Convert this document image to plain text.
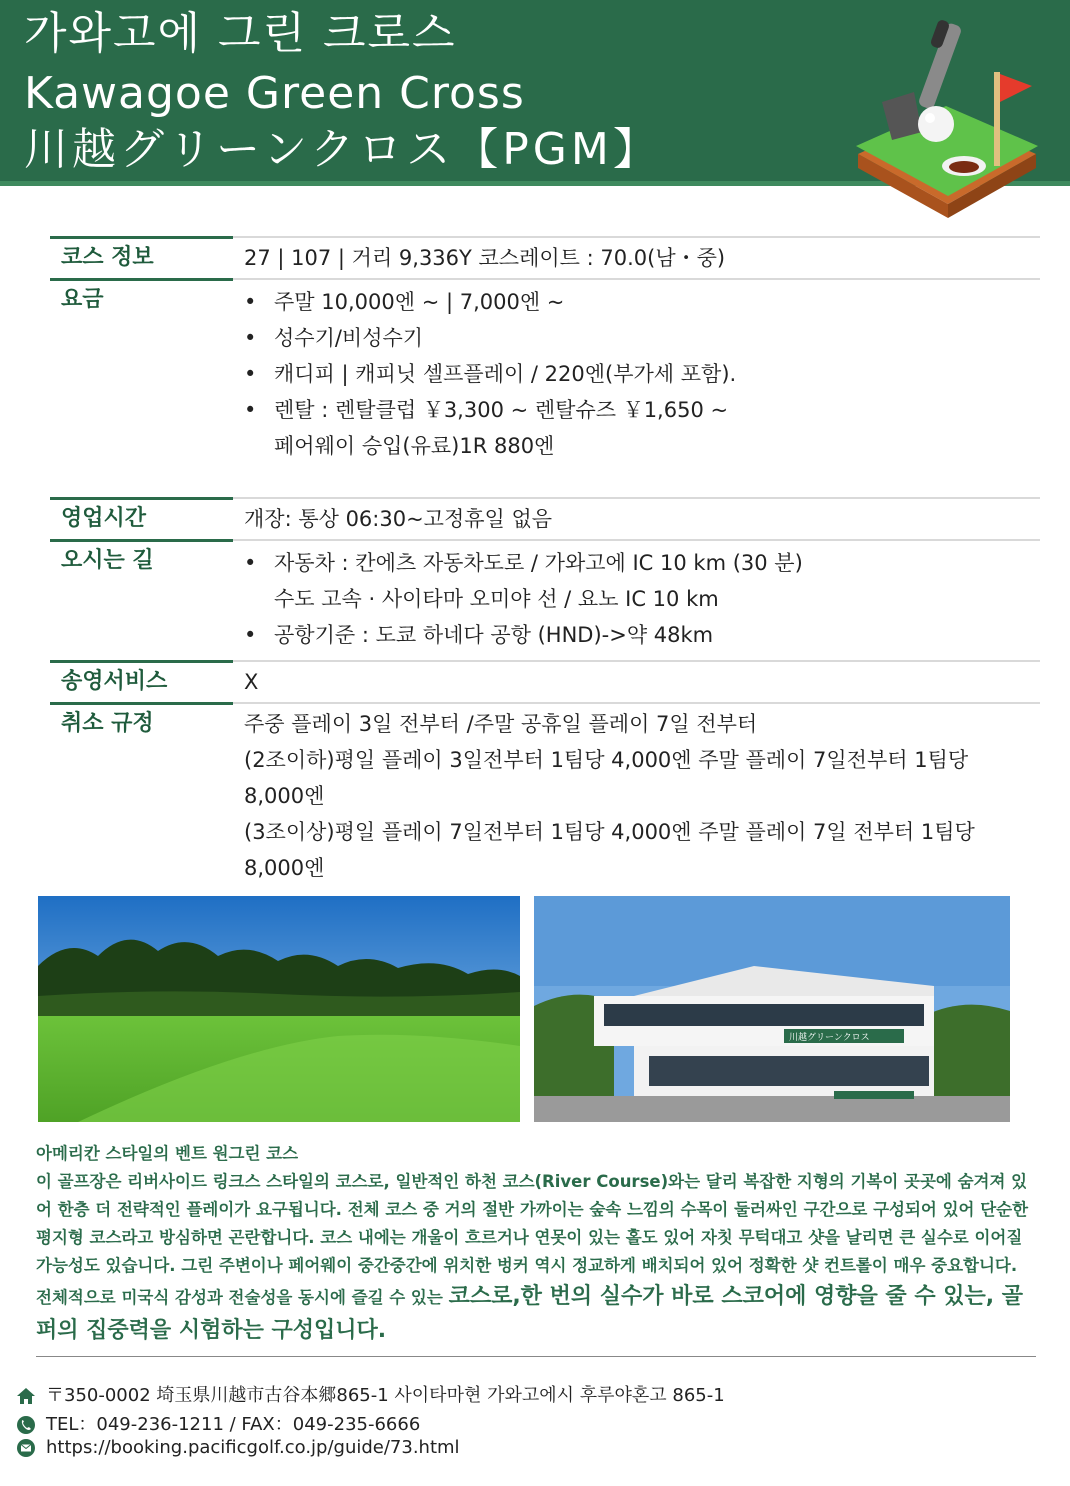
가와고에 그린 크로스
Kawagoe Green Cross
川越グリーンクロス【PGM】
코스 정보	27 | 107 | 거리 9,336Y 코스레이트 : 70.0(남・중)
요금	• 주말 10,000엔 ~ | 7,000엔 ~
• 성수기/비성수기
• 캐디피 | 캐피닛 셀프플레이 / 220엔(부가세 포함).
• 렌탈 : 렌탈클럽 ￥3,300 ~ 렌탈슈즈 ￥1,650 ~
페어웨이 승입(유료)1R 880엔
영업시간	개장: 통상 06:30~고정휴일 없음
오시는 길	• 자동차 : 칸에츠 자동차도로 / 가와고에 IC 10 km (30 분)
수도 고속 · 사이타마 오미야 선 / 요노 IC 10 km
• 공항기준 : 도쿄 하네다 공항 (HND)->약 48km
송영서비스	X
취소 규정	주중 플레이 3일 전부터 /주말 공휴일 플레이 7일 전부터
(2조이하)평일 플레이 3일전부터 1팀당 4,000엔 주말 플레이 7일전부터 1팀당 8,000엔
(3조이상)평일 플레이 7일전부터 1팀당 4,000엔 주말 플레이 7일 전부터 1팀당 8,000엔
川越グリーンクロス

아메리칸 스타일의 벤트 원그린 코스

이 골프장은 리버사이드 링크스 스타일의 코스로, 일반적인 하천 코스(River Course)와는 달리 복잡한 지형의 기복이 곳곳에 숨겨져 있어 한층 더 전략적인 플레이가 요구됩니다. 전체 코스 중 거의 절반 가까이는 숲속 느낌의 수목이 둘러싸인 구간으로 구성되어 있어 단순한 평지형 코스라고 방심하면 곤란합니다. 코스 내에는 개울이 흐르거나 연못이 있는 홀도 있어 자칫 무턱대고 샷을 날리면 큰 실수로 이어질 가능성도 있습니다. 그린 주변이나 페어웨이 중간중간에 위치한 벙커 역시 정교하게 배치되어 있어 정확한 샷 컨트롤이 매우 중요합니다. 전체적으로 미국식 감성과 전술성을 동시에 즐길 수 있는 코스로,한 번의 실수가 바로 스코어에 영향을 줄 수 있는, 골퍼의 집중력을 시험하는 구성입니다.

〒350-0002 埼玉県川越市古谷本郷865-1 사이타마현 가와고에시 후루야혼고 865-1
TEL：049-236-1211 / FAX：049-235-6666
https://booking.pacificgolf.co.jp/guide/73.html
